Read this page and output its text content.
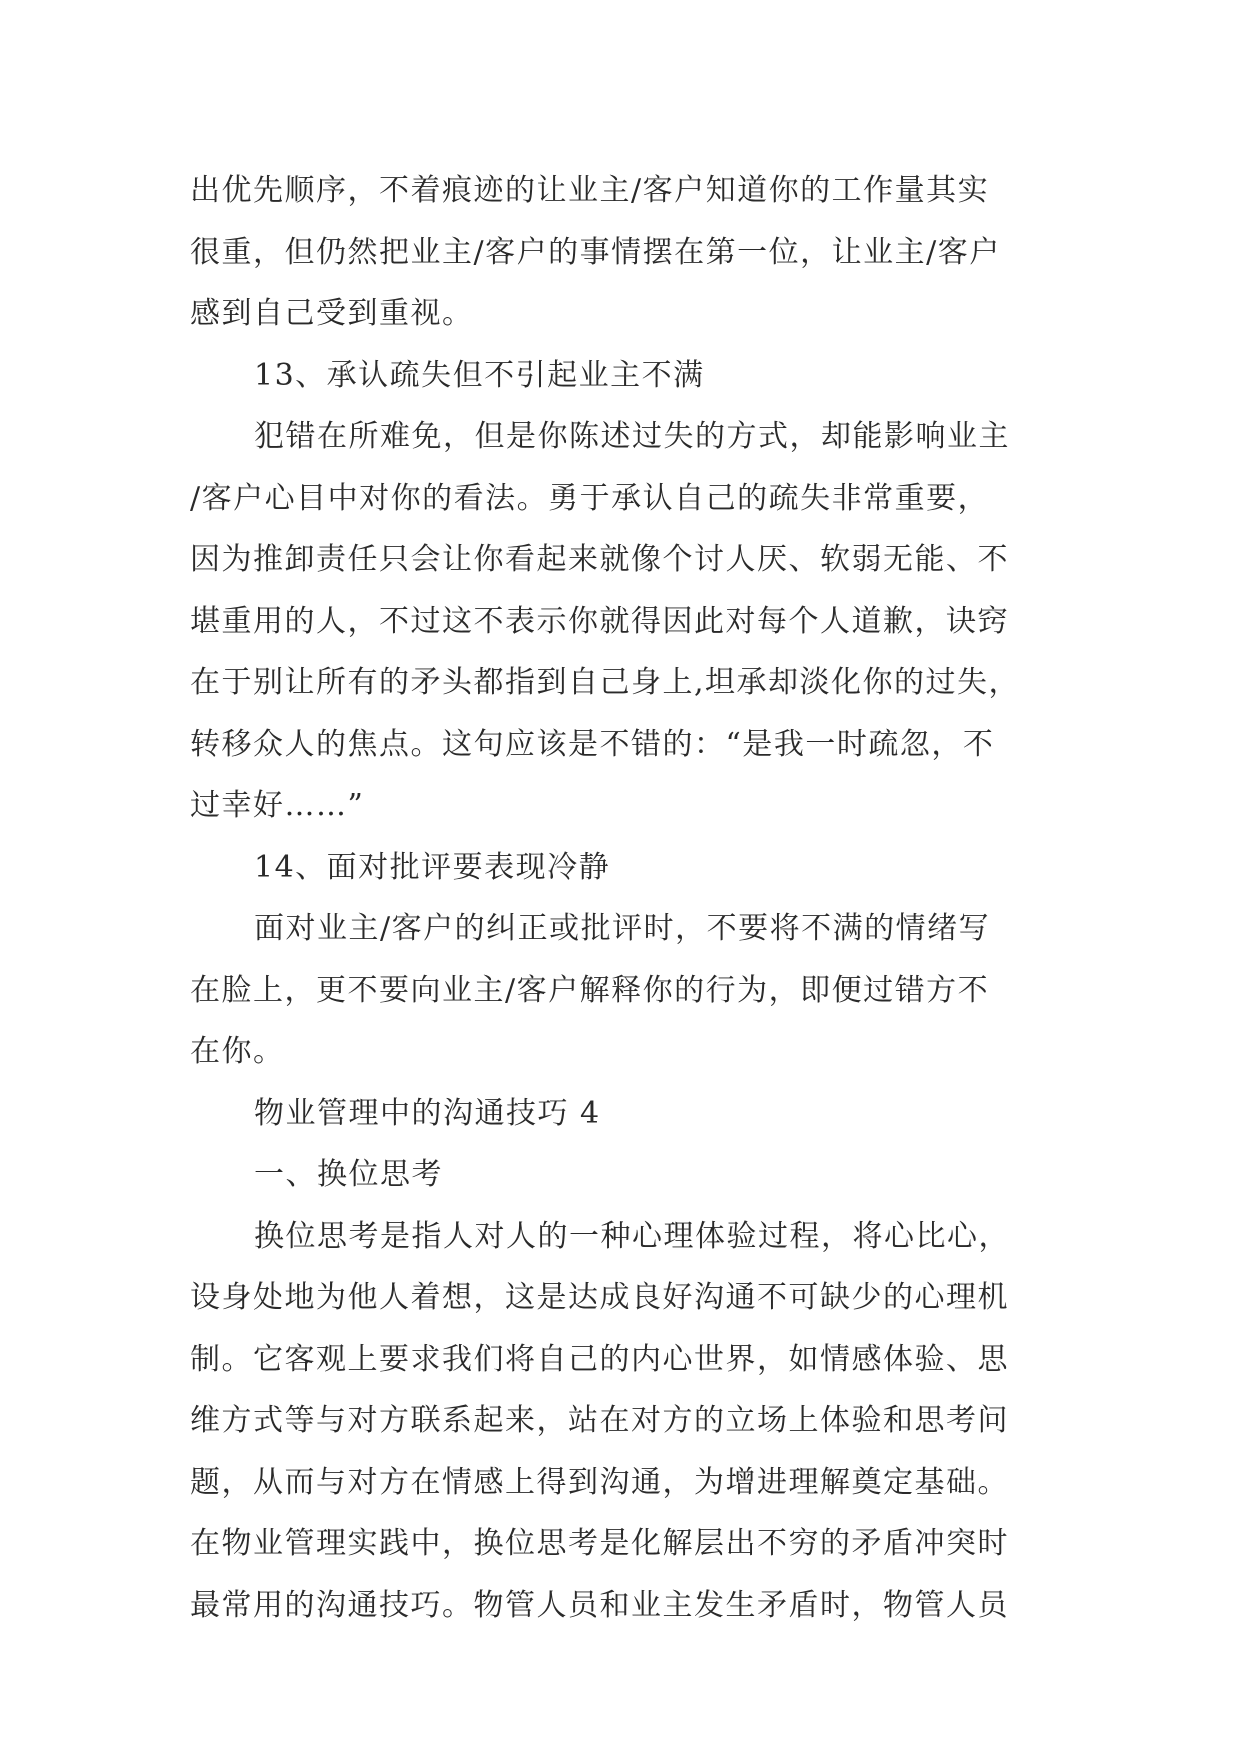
出优先顺序，不着痕迹的让业主/客户知道你的工作量其实
很重，但仍然把业主/客户的事情摆在第一位，让业主/客户
感到自己受到重视。
13、承认疏失但不引起业主不满
犯错在所难免，但是你陈述过失的方式，却能影响业主
/客户心目中对你的看法。勇于承认自己的疏失非常重要，
因为推卸责任只会让你看起来就像个讨人厌、软弱无能、不
堪重用的人，不过这不表示你就得因此对每个人道歉，诀窍
在于别让所有的矛头都指到自己身上,坦承却淡化你的过失，
转移众人的焦点。这句应该是不错的：“是我一时疏忽，不
过幸好……”
14、面对批评要表现冷静
面对业主/客户的纠正或批评时，不要将不满的情绪写
在脸上，更不要向业主/客户解释你的行为，即便过错方不
在你。
物业管理中的沟通技巧 4
一、换位思考
换位思考是指人对人的一种心理体验过程，将心比心，
设身处地为他人着想，这是达成良好沟通不可缺少的心理机
制。它客观上要求我们将自己的内心世界，如情感体验、思
维方式等与对方联系起来，站在对方的立场上体验和思考问
题，从而与对方在情感上得到沟通，为增进理解奠定基础。
在物业管理实践中，换位思考是化解层出不穷的矛盾冲突时
最常用的沟通技巧。物管人员和业主发生矛盾时，物管人员
